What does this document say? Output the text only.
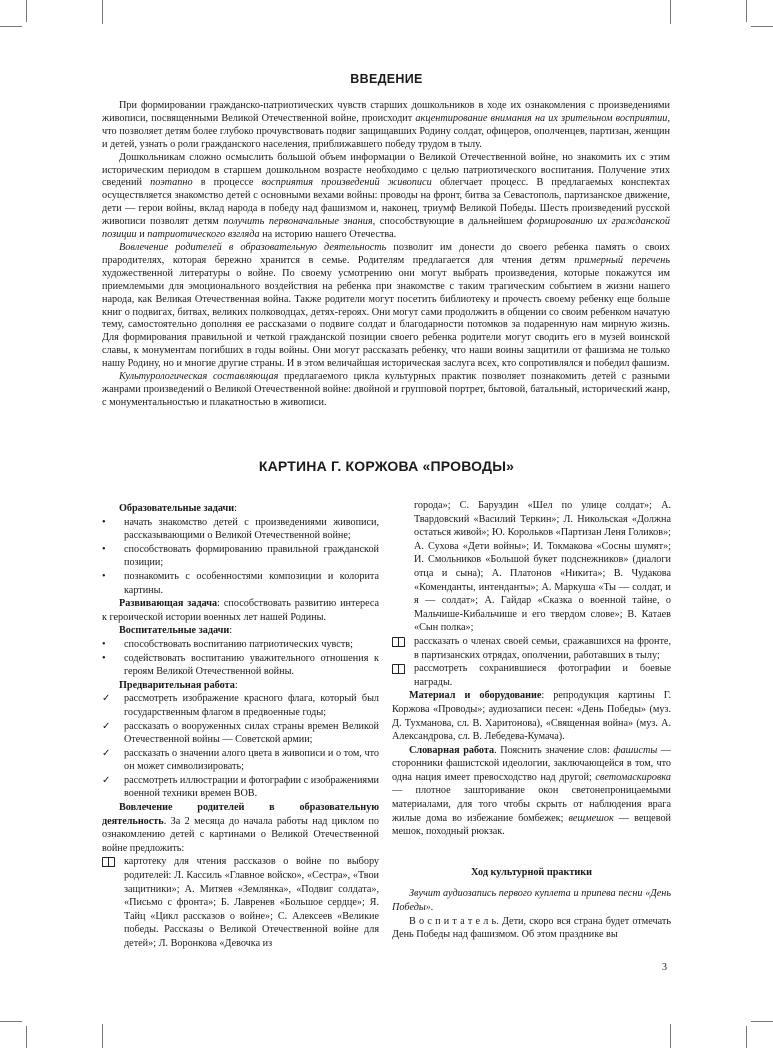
ВВЕДЕНИЕ

При формировании гражданско-патриотических чувств старших дошкольников в ходе их ознакомления с произведениями живописи, посвященными Великой Отечественной войне, происходит акцентирование внимания на их зрительном восприятии, что позволяет детям более глубоко прочувствовать подвиг защищавших Родину солдат, офицеров, ополченцев, партизан, женщин и детей, узнать о роли гражданского населения, приближавшего победу трудом в тылу.

Дошкольникам сложно осмыслить большой объем информации о Великой Отечественной войне, но знакомить их с этим историческим периодом в старшем дошкольном возрасте необходимо с целью патриотического воспитания. Получение этих сведений поэтапно в процессе восприятия произведений живописи облегчает процесс. В предлагаемых конспектах осуществляется знакомство детей с основными вехами войны: проводы на фронт, битва за Севастополь, партизанское движение, дети — герои войны, вклад народа в победу над фашизмом и, наконец, триумф Великой Победы. Шесть произведений русской живописи позволят детям получить первоначальные знания, способствующие в дальнейшем формированию их гражданской позиции и патриотического взгляда на историю нашего Отечества.

Вовлечение родителей в образовательную деятельность позволит им донести до своего ребенка память о своих прародителях, которая бережно хранится в семье. Родителям предлагается для чтения детям примерный перечень художественной литературы о войне. По своему усмотрению они могут выбрать произведения, которые покажутся им приемлемыми для эмоционального воздействия на ребенка при знакомстве с таким трагическим событием в жизни нашего народа, как Великая Отечественная война. Также родители могут посетить библиотеку и прочесть своему ребенку еще больше книг о подвигах, битвах, великих полководцах, детях-героях. Они могут сами продолжить в общении со своим ребенком начатую тему, самостоятельно дополняя ее рассказами о подвиге солдат и благодарности потомков за подаренную нам мирную жизнь. Для формирования правильной и четкой гражданской позиции своего ребенка родители могут сводить его в музей воинской славы, к монументам погибших в годы войны. Они могут рассказать ребенку, что наши воины защитили от фашизма не только нашу Родину, но и многие другие страны. И в этом величайшая историческая заслуга всех, кто сопротивлялся и победил фашизм.

Культурологическая составляющая предлагаемого цикла культурных практик позволяет познакомить детей с разными жанрами произведений о Великой Отечественной войне: двойной и групповой портрет, бытовой, батальный, исторический жанр, с монументальностью и плакатностью в живописи.

КАРТИНА Г. КОРЖОВА «ПРОВОДЫ»

Образовательные задачи:

•	начать знакомство детей с произведениями живописи, рассказывающими о Великой Отечественной войне;

•	способствовать формированию правильной гражданской позиции;

•	познакомить с особенностями композиции и колорита картины.

Развивающая задача: способствовать развитию интереса к героической истории военных лет нашей Родины.

Воспитательные задачи:

•	способствовать воспитанию патриотических чувств;

•	содействовать воспитанию уважительного отношения к героям Великой Отечественной войны.

Предварительная работа:

✓	рассмотреть изображение красного флага, который был государственным флагом в предвоенные годы;

✓	рассказать о вооруженных силах страны времен Великой Отечественной войны — Советской армии;

✓	рассказать о значении алого цвета в живописи и о том, что он может символизировать;

✓	рассмотреть иллюстрации и фотографии с изображениями военной техники времен ВОВ.

Вовлечение родителей в образовательную деятельность. За 2 месяца до начала работы над циклом по ознакомлению детей с картинами о Великой Отечественной войне предложить:

картотеку для чтения рассказов о войне по выбору родителей: Л. Кассиль «Главное войско», «Сестра», «Твои защитники»; А. Митяев «Землянка», «Подвиг солдата», «Письмо с фронта»; Б. Лавренев «Большое сердце»; Я. Тайц «Цикл рассказов о войне»; С. Алексеев «Великие победы. Рассказы о Великой Отечественной войне для детей»; Л. Воронкова «Девочка из

города»; С. Баруздин «Шел по улице солдат»; А. Твардовский «Василий Теркин»; Л. Никольская «Должна остаться живой»; Ю. Корольков «Партизан Леня Голиков»; А. Сухова «Дети войны»; И. Токмакова «Сосны шумят»; И. Смольников «Большой букет подснежников» (диалоги отца и сына); А. Платонов «Никита»; В. Чудакова «Коменданты, интенданты»; А. Маркуша «Ты — солдат, и я — солдат»; А. Гайдар «Сказка о военной тайне, о Мальчише-Кибальчише и его твердом слове»; В. Катаев «Сын полка»;

рассказать о членах своей семьи, сражавшихся на фронте, в партизанских отрядах, ополчении, работавших в тылу;

рассмотреть сохранившиеся фотографии и боевые награды.

Материал и оборудование: репродукция картины Г. Коржова «Проводы»; аудиозаписи песен: «День Победы» (муз. Д. Тухманова, сл. В. Харитонова), «Священная война» (муз. А. Александрова, сл. В. Лебедева-Кумача).

Словарная работа. Пояснить значение слов: фашисты — сторонники фашистской идеологии, заключающейся в том, что одна нация имеет превосходство над другой; светомаскировка — плотное зашторивание окон светонепроницаемыми материалами, для того чтобы скрыть от наблюдения врага жилые дома во избежание бомбежек; вещмешок — вещевой мешок, походный рюкзак.

Ход культурной практики

Звучит аудиозапись первого куплета и припева песни «День Победы».

В о с п и т а т е л ь. Дети, скоро вся страна будет отмечать День Победы над фашизмом. Об этом празднике вы

3
